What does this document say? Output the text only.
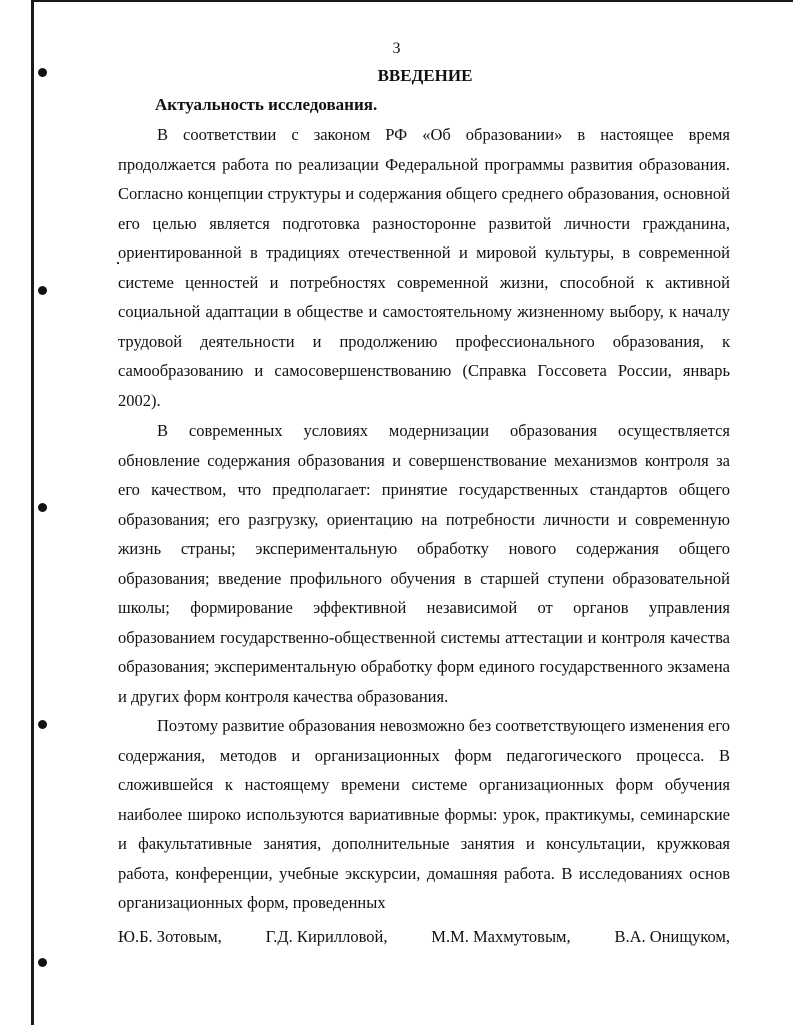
3
ВВЕДЕНИЕ
Актуальность исследования.

В соответствии с законом РФ «Об образовании» в настоящее время продолжается работа по реализации Федеральной программы развития образования. Согласно концепции структуры и содержания общего среднего образования, основной его целью является подготовка разносторонне развитой личности гражданина, ориентированной в традициях отечественной и мировой культуры, в современной системе ценностей и потребностях современной жизни, способной к активной социальной адаптации в обществе и самостоятельному жизненному выбору, к началу трудовой деятельности и продолжению профессионального образования, к самообразованию и самосовершенствованию (Справка Госсовета России, январь 2002).

В современных условиях модернизации образования осуществляется обновление содержания образования и совершенствование механизмов контроля за его качеством, что предполагает: принятие государственных стандартов общего образования; его разгрузку, ориентацию на потребности личности и современную жизнь страны; экспериментальную обработку нового содержания общего образования; введение профильного обучения в старшей ступени образовательной школы; формирование эффективной независимой от органов управления образованием государственно-общественной системы аттестации и контроля качества образования; экспериментальную обработку форм единого государственного экзамена и других форм контроля качества образования.

Поэтому развитие образования невозможно без соответствующего изменения его содержания, методов и организационных форм педагогического процесса. В сложившейся к настоящему времени системе организационных форм обучения наиболее широко используются вариативные формы: урок, практикумы, семинарские и факультативные занятия, дополнительные занятия и консультации, кружковая работа, конференции, учебные экскурсии, домашняя работа. В исследованиях основ организационных форм, проведенных

Ю.Б. Зотовым,	Г.Д. Кирилловой,	М.М. Махмутовым,	В.А. Онищуком,
